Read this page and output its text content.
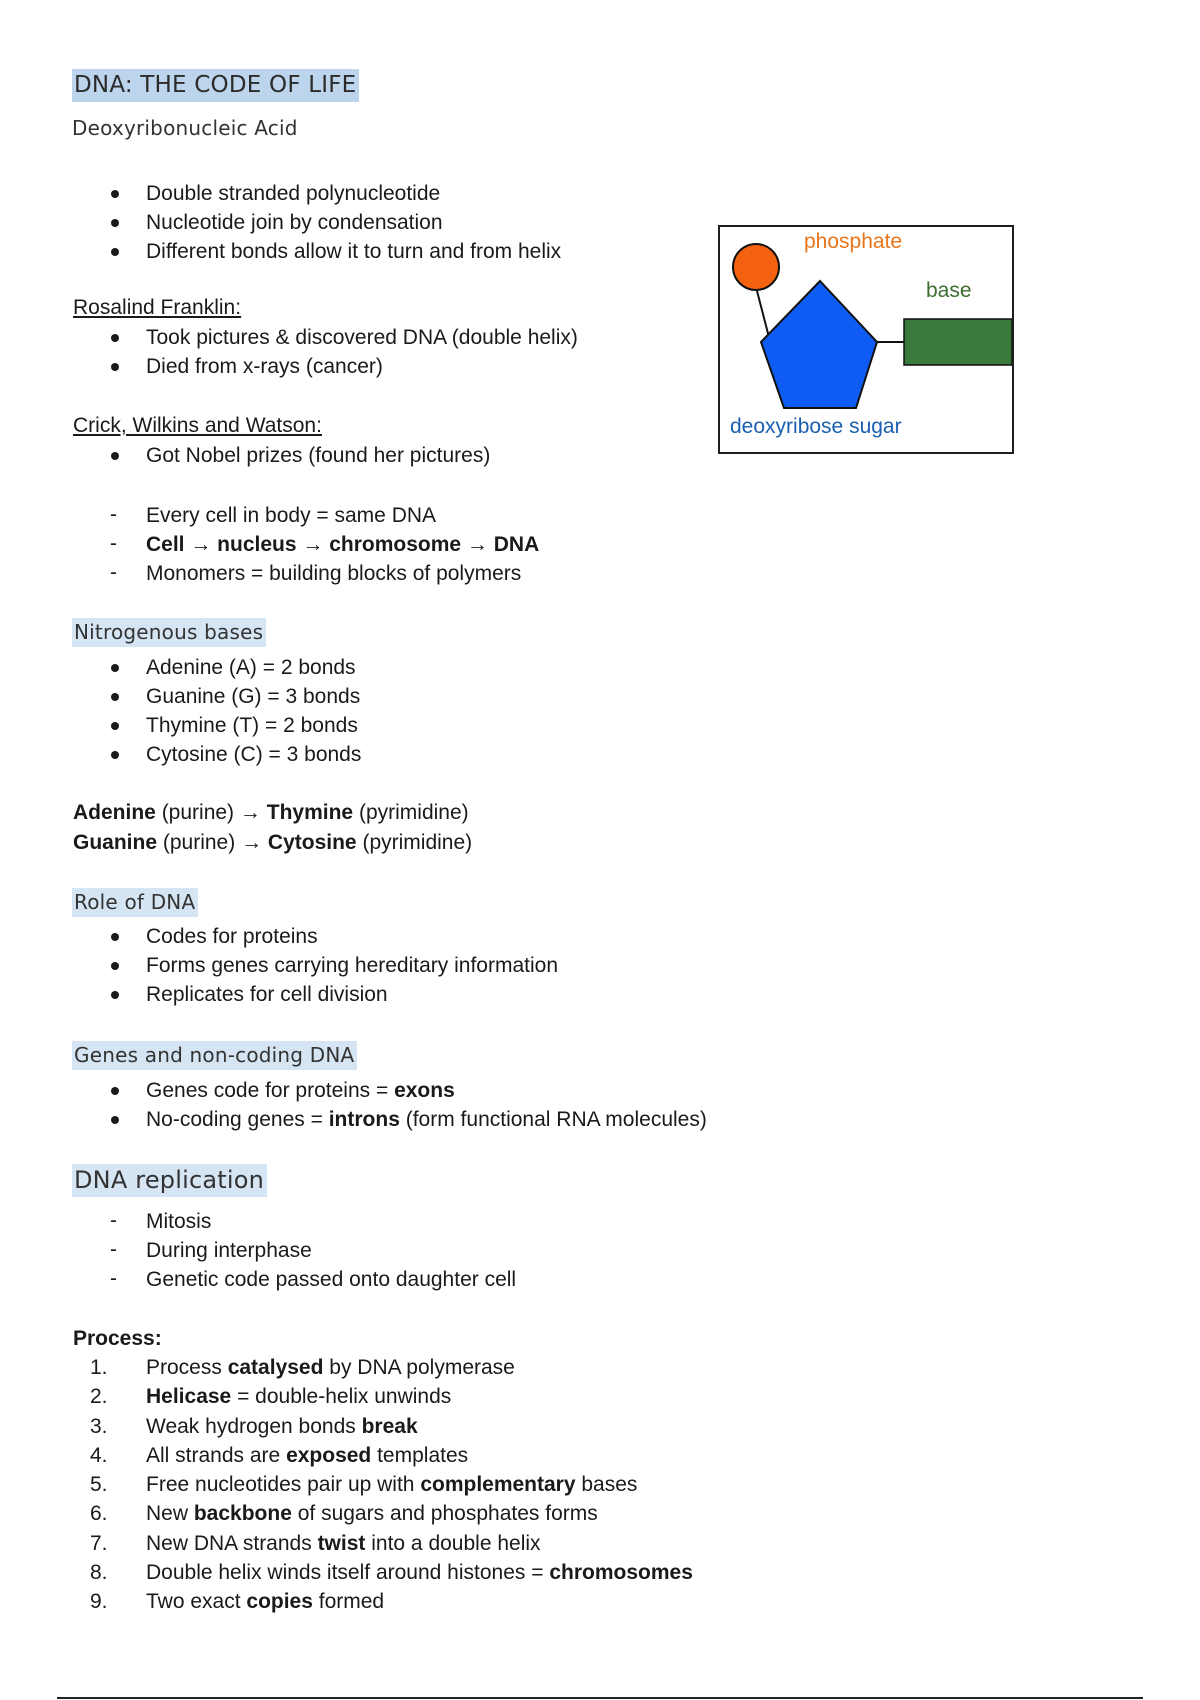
DNA: THE CODE OF LIFE
Deoxyribonucleic Acid
Double stranded polynucleotide
Nucleotide join by condensation
Different bonds allow it to turn and from helix
Rosalind Franklin:
Took pictures & discovered DNA (double helix)
Died from x-rays (cancer)
Crick, Wilkins and Watson:
Got Nobel prizes (found her pictures)
- Every cell in body = same DNA
- Cell → nucleus → chromosome → DNA
- Monomers = building blocks of polymers
Nitrogenous bases
Adenine (A) = 2 bonds
Guanine (G) = 3 bonds
Thymine (T) = 2 bonds
Cytosine (C) = 3 bonds
Adenine (purine) → Thymine (pyrimidine)
Guanine (purine) → Cytosine (pyrimidine)
Role of DNA
Codes for proteins
Forms genes carrying hereditary information
Replicates for cell division
Genes and non-coding DNA
Genes code for proteins = exons
No-coding genes = introns (form functional RNA molecules)
DNA replication
- Mitosis
- During interphase
- Genetic code passed onto daughter cell
Process:
1. Process catalysed by DNA polymerase
2. Helicase = double-helix unwinds
3. Weak hydrogen bonds break
4. All strands are exposed templates
5. Free nucleotides pair up with complementary bases
6. New backbone of sugars and phosphates forms
7. New DNA strands twist into a double helix
8. Double helix winds itself around histones = chromosomes
9. Two exact copies formed
phosphate
base
deoxyribose sugar
